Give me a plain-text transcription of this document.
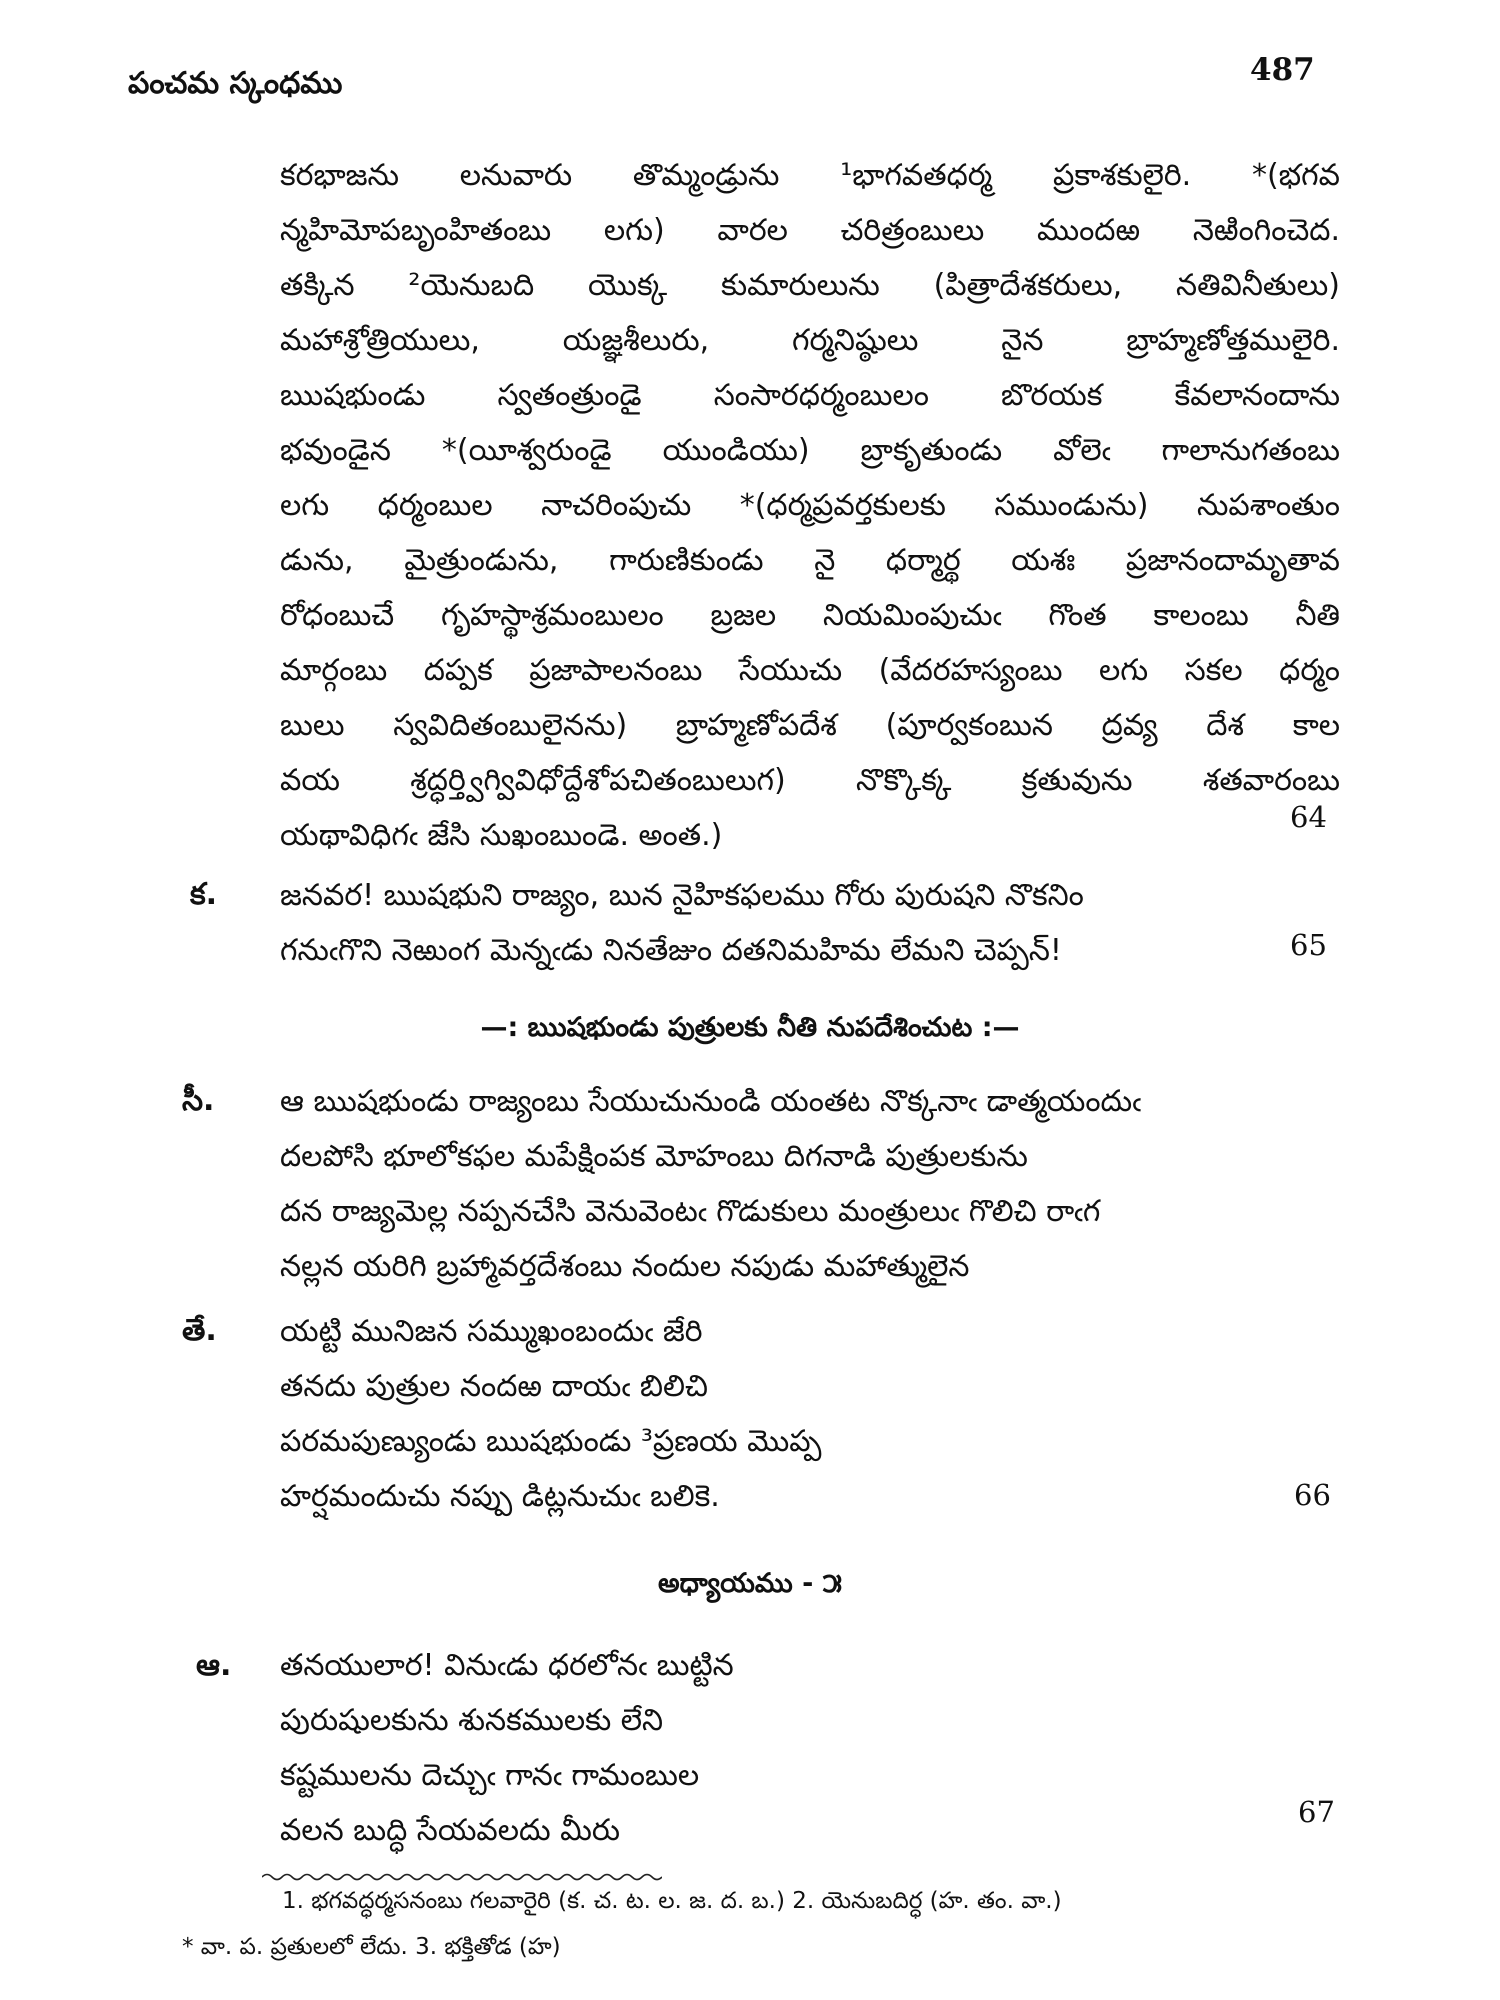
పంచమ స్కంధము	487
కరభాజను లనువారు తొమ్మండ్రును ¹భాగవతధర్మ ప్రకాశకులైరి. *(భగవ
న్మహిమోపబృంహితంబు లగు) వారల చరిత్రంబులు ముందఱ నెఱింగించెద.
తక్కిన ²యెనుబది యొక్క కుమారులును (పిత్రాదేశకరులు, నతివినీతులు)
మహాశ్రోత్రియులు, యజ్ఞశీలురు, గర్మనిష్ఠులు నైన బ్రాహ్మణోత్తములైరి.
ఋషభుండు స్వతంత్రుండై సంసారధర్మంబులం బొరయక కేవలానందాను
భవుండైన *(యీశ్వరుండై యుండియు) బ్రాకృతుండు వోలెఁ గాలానుగతంబు
లగు ధర్మంబుల నాచరింపుచు *(ధర్మప్రవర్తకులకు సముండును) నుపశాంతుం
డును, మైత్రుండును, గారుణికుండు నై ధర్మార్థ యశః ప్రజానందామృతావ
రోధంబుచే గృహస్థాశ్రమంబులం బ్రజల నియమింపుచుఁ గొంత కాలంబు నీతి
మార్గంబు దప్పక ప్రజాపాలనంబు సేయుచు (వేదరహస్యంబు లగు సకల ధర్మం
బులు స్వవిదితంబులైనను) బ్రాహ్మణోపదేశ (పూర్వకంబున ద్రవ్య దేశ కాల
వయ శ్రద్ధర్త్విగ్వివిధోద్దేశోపచితంబులుగ) నొక్కొక్క క్రతువును శతవారంబు
యథావిధిగఁ జేసి సుఖంబుండె. అంత.)
64
క. జనవర! ఋషభుని రాజ్యం, బున నైహికఫలము గోరు పురుషని నొకనిం
గనుఁగొని నెఱుంగ మెన్నఁడు నినతేజుం దతనిమహిమ లేమని చెప్పన్!	65
—: ఋషభుండు పుత్రులకు నీతి నుపదేశించుట :—
సీ. ఆ ఋషభుండు రాజ్యంబు సేయుచునుండి యంతట నొక్కనాఁ డాత్మయందుఁ
దలపోసి భూలోకఫల మపేక్షింపక మోహంబు దిగనాడి పుత్రులకును
దన రాజ్యమెల్ల నప్పనచేసి వెనువెంటఁ గొడుకులు మంత్రులుఁ గొలిచి రాఁగ
నల్లన యరిగి బ్రహ్మావర్తదేశంబు నందుల నపుడు మహాత్ములైన
తే. యట్టి మునిజన సమ్ముఖంబందుఁ జేరి
తనదు పుత్రుల నందఱ దాయఁ బిలిచి
పరమపుణ్యుండు ఋషభుండు ³ప్రణయ మొప్ప
హర్షమందుచు నప్పు డిట్లనుచుఁ బలికె.	66
అధ్యాయము - ౫
ఆ. తనయులార! వినుఁడు ధరలోనఁ బుట్టిన
పురుషులకును శునకములకు లేని
కష్టములను దెచ్చుఁ గానఁ గామంబుల
వలన బుద్ధి సేయవలదు మీరు
67
1. భగవద్ధర్మసనంబు గలవారైరి (క. చ. ట. ల. జ. ద. బ.) 2. యెనుబదిర్ధ (హ. తం. వా.)
* వా. ప. ప్రతులలో లేదు. 3. భక్తితోడ (హ)
